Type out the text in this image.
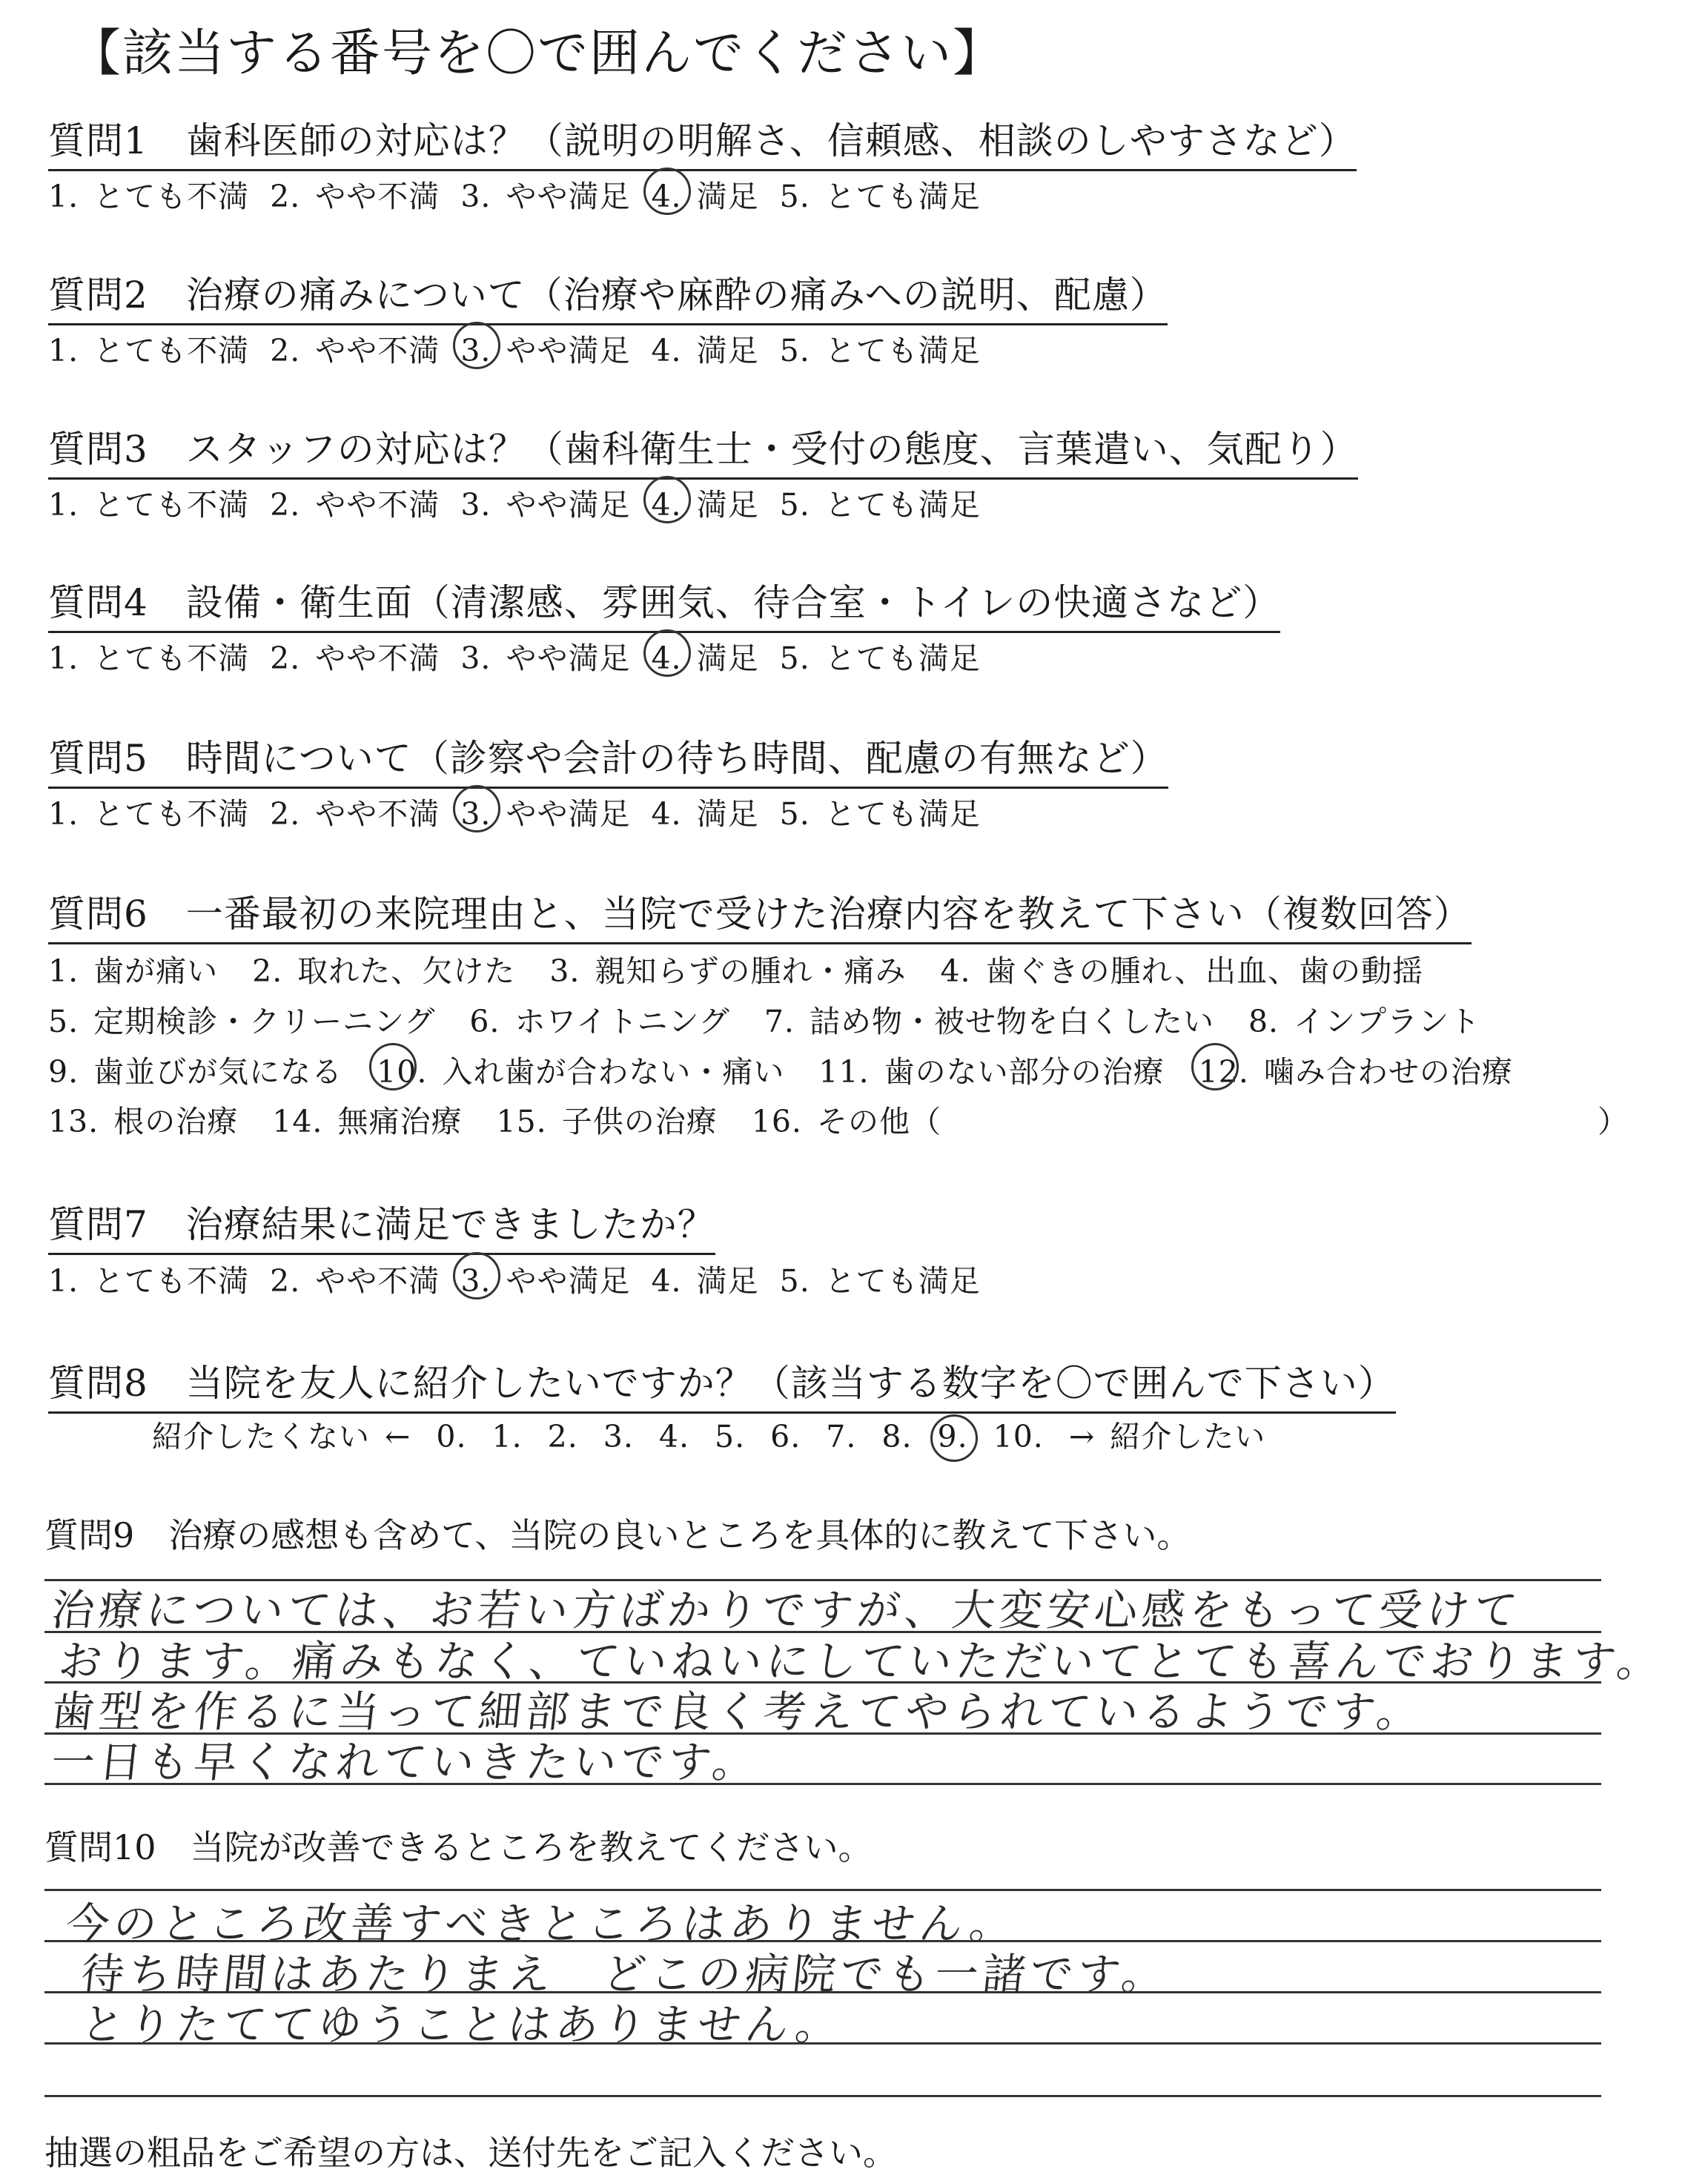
【該当する番号を〇で囲んでください】
質問1　歯科医師の対応は？（説明の明解さ、信頼感、相談のしやすさなど）
1. とても不満 2. やや不満 3. やや満足 4. 満足 5. とても満足
質問2　治療の痛みについて（治療や麻酔の痛みへの説明、配慮）
1. とても不満 2. やや不満 3. やや満足 4. 満足 5. とても満足
質問3　スタッフの対応は？（歯科衛生士・受付の態度、言葉遣い、気配り）
1. とても不満 2. やや不満 3. やや満足 4. 満足 5. とても満足
質問4　設備・衛生面（清潔感、雰囲気、待合室・トイレの快適さなど）
1. とても不満 2. やや不満 3. やや満足 4. 満足 5. とても満足
質問5　時間について（診察や会計の待ち時間、配慮の有無など）
1. とても不満 2. やや不満 3. やや満足 4. 満足 5. とても満足
質問6　一番最初の来院理由と、当院で受けた治療内容を教えて下さい（複数回答）
1. 歯が痛い 2. 取れた、欠けた 3. 親知らずの腫れ・痛み 4. 歯ぐきの腫れ、出血、歯の動揺
5. 定期検診・クリーニング 6. ホワイトニング 7. 詰め物・被せ物を白くしたい 8. インプラント
9. 歯並びが気になる 10. 入れ歯が合わない・痛い 11. 歯のない部分の治療 12. 噛み合わせの治療
13. 根の治療 14. 無痛治療 15. 子供の治療 16. その他（	）
質問7　治療結果に満足できましたか？
1. とても不満 2. やや不満 3. やや満足 4. 満足 5. とても満足
質問8　当院を友人に紹介したいですか？（該当する数字を〇で囲んで下さい）
紹介したくない ← 0. 1. 2. 3. 4. 5. 6. 7. 8. 9. 10. → 紹介したい
質問9　治療の感想も含めて、当院の良いところを具体的に教えて下さい。
治療については、お若い方ばかりですが、大変安心感をもって受けて
おります。痛みもなく、ていねいにしていただいてとても喜んでおります。
歯型を作るに当って細部まで良く考えてやられているようです。
一日も早くなれていきたいです。
質問10　当院が改善できるところを教えてください。
今のところ改善すべきところはありません。
待ち時間はあたりまえ　どこの病院でも一諸です。
とりたててゆうことはありません。
抽選の粗品をご希望の方は、送付先をご記入ください。
